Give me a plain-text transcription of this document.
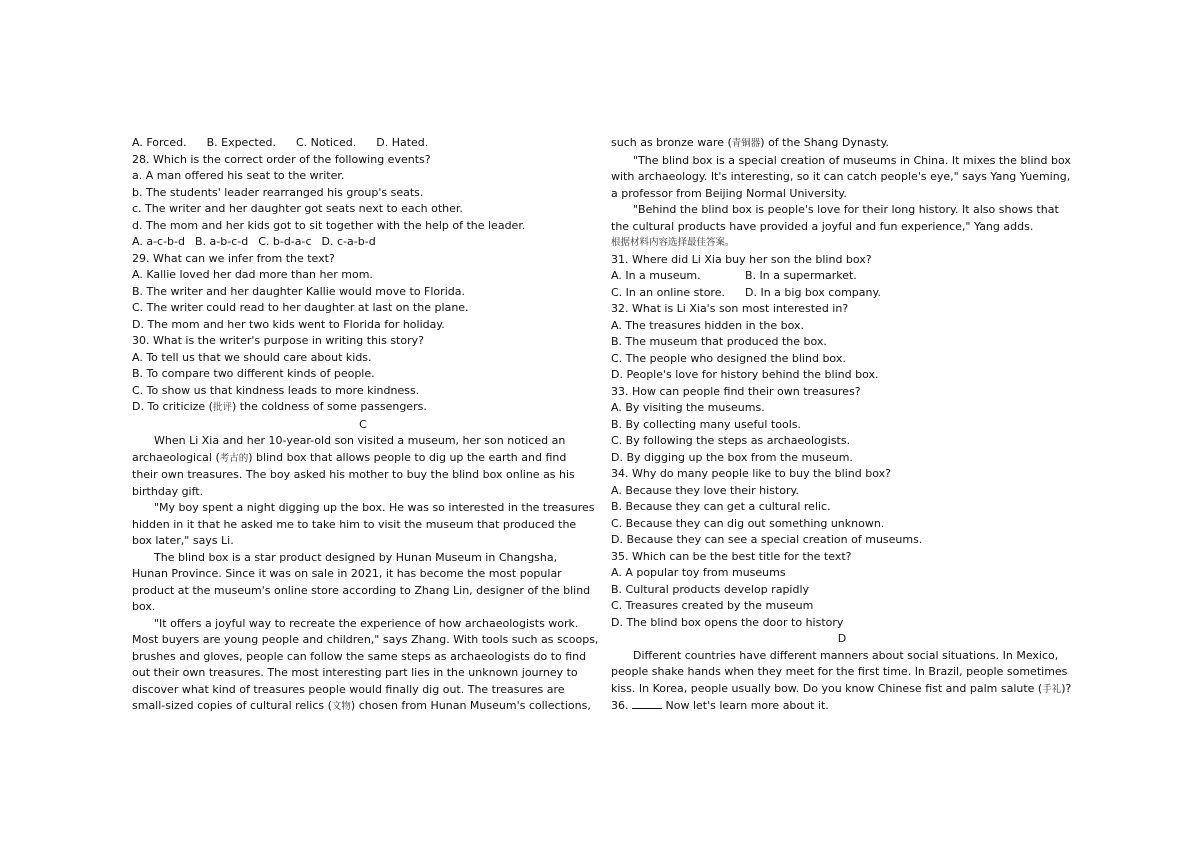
A. Forced. B. Expected. C. Noticed. D. Hated.
28. Which is the correct order of the following events?
a. A man offered his seat to the writer.
b. The students' leader rearranged his group's seats.
c. The writer and her daughter got seats next to each other.
d. The mom and her kids got to sit together with the help of the leader.
A. a-c-b-d B. a-b-c-d C. b-d-a-c D. c-a-b-d
29. What can we infer from the text?
A. Kallie loved her dad more than her mom.
B. The writer and her daughter Kallie would move to Florida.
C. The writer could read to her daughter at last on the plane.
D. The mom and her two kids went to Florida for holiday.
30. What is the writer's purpose in writing this story?
A. To tell us that we should care about kids.
B. To compare two different kinds of people.
C. To show us that kindness leads to more kindness.
D. To criticize (批评) the coldness of some passengers.
C
When Li Xia and her 10-year-old son visited a museum, her son noticed an
archaeological (考古的) blind box that allows people to dig up the earth and find
their own treasures. The boy asked his mother to buy the blind box online as his
birthday gift.
"My boy spent a night digging up the box. He was so interested in the treasures
hidden in it that he asked me to take him to visit the museum that produced the
box later," says Li.
The blind box is a star product designed by Hunan Museum in Changsha,
Hunan Province. Since it was on sale in 2021, it has become the most popular
product at the museum's online store according to Zhang Lin, designer of the blind
box.
"It offers a joyful way to recreate the experience of how archaeologists work.
Most buyers are young people and children," says Zhang. With tools such as scoops,
brushes and gloves, people can follow the same steps as archaeologists do to find
out their own treasures. The most interesting part lies in the unknown journey to
discover what kind of treasures people would finally dig out. The treasures are
small-sized copies of cultural relics (文物) chosen from Hunan Museum's collections,
such as bronze ware (青铜器) of the Shang Dynasty.
"The blind box is a special creation of museums in China. It mixes the blind box
with archaeology. It's interesting, so it can catch people's eye," says Yang Yueming,
a professor from Beijing Normal University.
"Behind the blind box is people's love for their long history. It also shows that
the cultural products have provided a joyful and fun experience," Yang adds.
根据材料内容选择最佳答案。
31. Where did Li Xia buy her son the blind box?
A. In a museum.	B. In a supermarket.
C. In an online store. D. In a big box company.
32. What is Li Xia's son most interested in?
A. The treasures hidden in the box.
B. The museum that produced the box.
C. The people who designed the blind box.
D. People's love for history behind the blind box.
33. How can people find their own treasures?
A. By visiting the museums.
B. By collecting many useful tools.
C. By following the steps as archaeologists.
D. By digging up the box from the museum.
34. Why do many people like to buy the blind box?
A. Because they love their history.
B. Because they can get a cultural relic.
C. Because they can dig out something unknown.
D. Because they can see a special creation of museums.
35. Which can be the best title for the text?
A. A popular toy from museums
B. Cultural products develop rapidly
C. Treasures created by the museum
D. The blind box opens the door to history
D
Different countries have different manners about social situations. In Mexico,
people shake hands when they meet for the first time. In Brazil, people sometimes
kiss. In Korea, people usually bow. Do you know Chinese fist and palm salute (手礼)?
36.	Now let's learn more about it.
